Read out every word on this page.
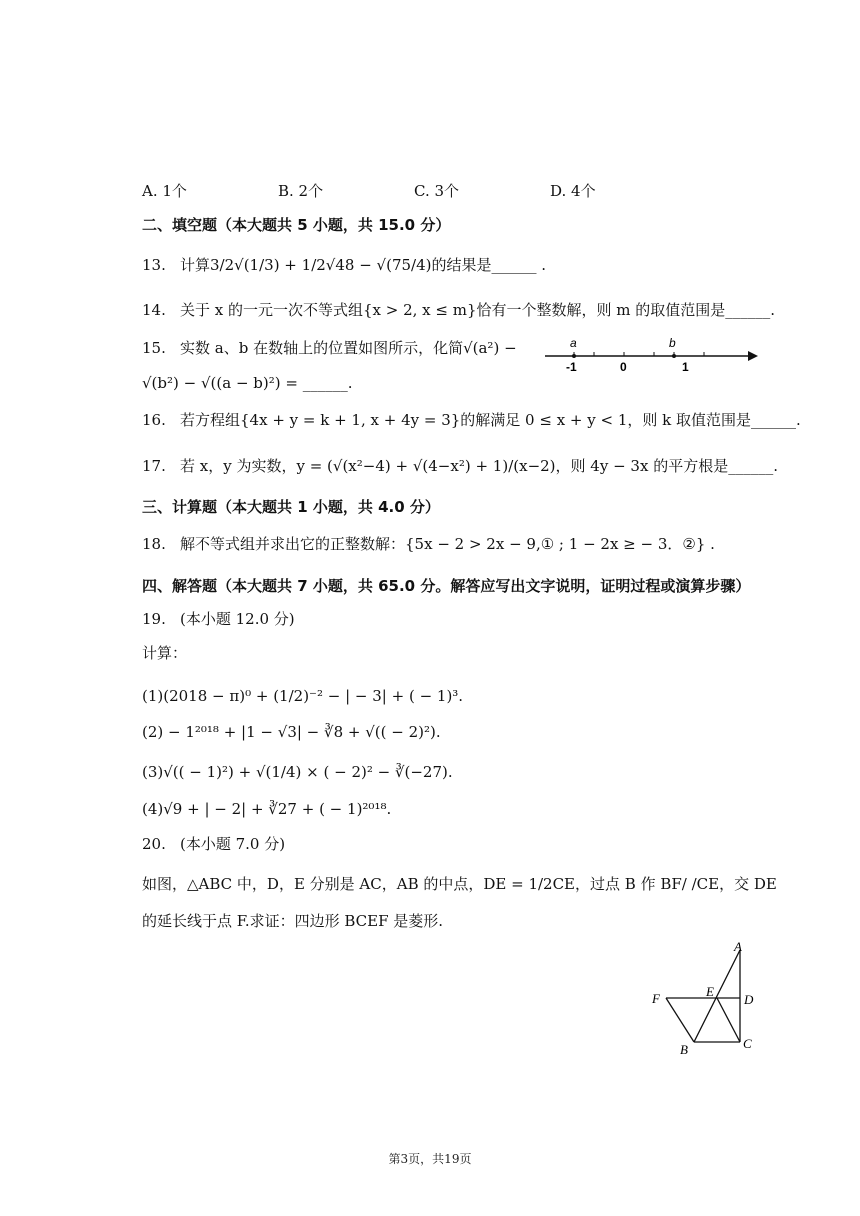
A. 1个	B. 2个	C. 3个	D. 4个
二、填空题（本大题共 5 小题，共 15.0 分）
13. 计算3/2√(1/3) + 1/2√48 − √(75/4)的结果是______ .
14. 关于 x 的一元一次不等式组{x > 2, x ≤ m}恰有一个整数解，则 m 的取值范围是______.
15. 实数 a、b 在数轴上的位置如图所示，化简√(a²) −
√(b²) − √((a − b)²) = ______.
a	b
-1	0	1
16. 若方程组{4x + y = k + 1, x + 4y = 3}的解满足 0 ≤ x + y < 1，则 k 取值范围是______.
17. 若 x，y 为实数，y = (√(x²−4) + √(4−x²) + 1)/(x−2)，则 4y − 3x 的平方根是______.
三、计算题（本大题共 1 小题，共 4.0 分）
18. 解不等式组并求出它的正整数解：{5x − 2 > 2x − 9,① ; 1 − 2x ≥ − 3．②} .
四、解答题（本大题共 7 小题，共 65.0 分。解答应写出文字说明，证明过程或演算步骤）
19. (本小题 12.0 分)
计算：
(1)(2018 − π)⁰ + (1/2)⁻² − | − 3| + ( − 1)³.
(2) − 1²⁰¹⁸ + |1 − √3| − ∛8 + √(( − 2)²).
(3)√(( − 1)²) + √(1/4) × ( − 2)² − ∛(−27).
(4)√9 + | − 2| + ∛27 + ( − 1)²⁰¹⁸.
20. (本小题 7.0 分)
如图，△ABC 中，D，E 分别是 AC，AB 的中点，DE = 1/2CE，过点 B 作 BF/ /CE，交 DE
的延长线于点 F.求证：四边形 BCEF 是菱形.
A
E
D
F
B	C
第3页，共19页
